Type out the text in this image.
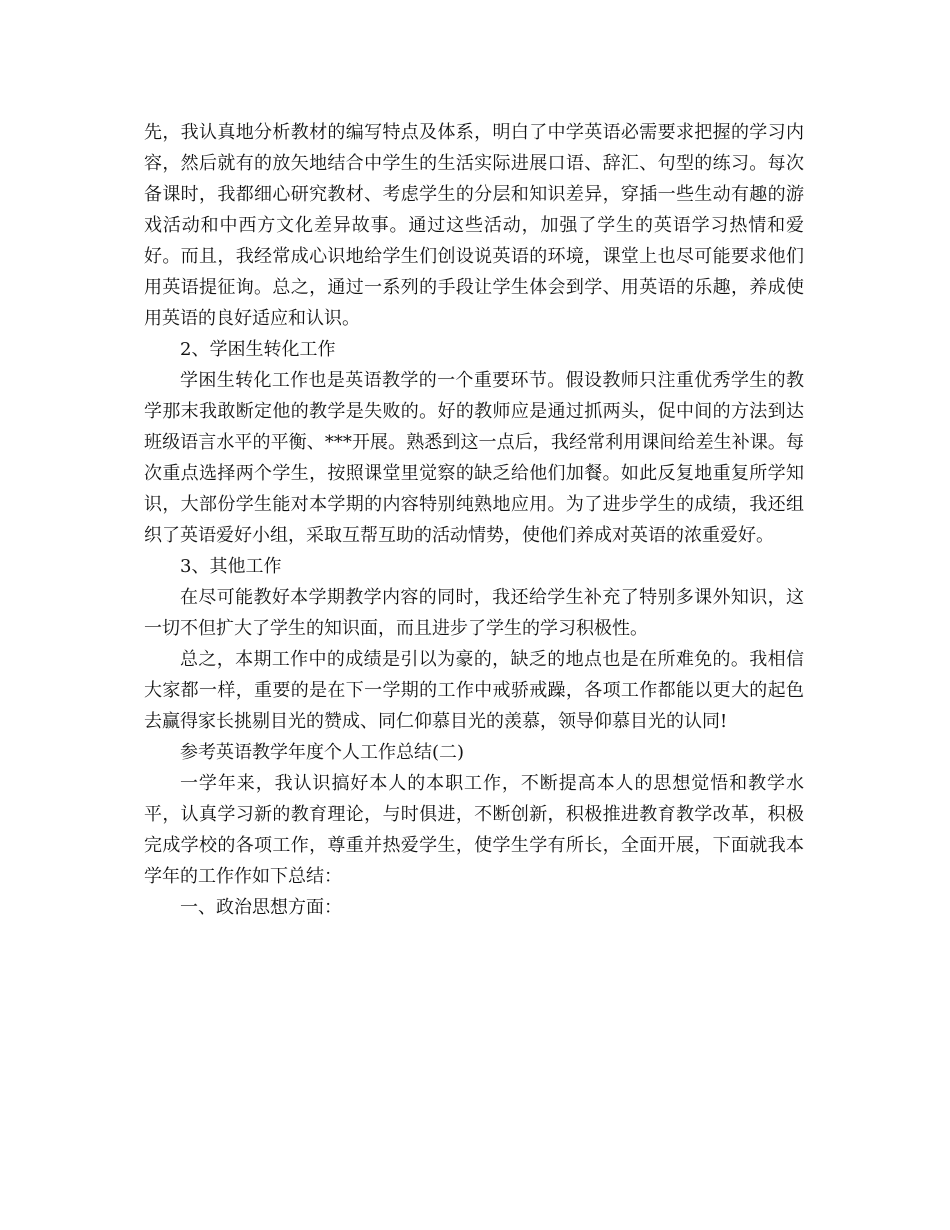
先，我认真地分析教材的编写特点及体系，明白了中学英语必需要求把握的学习内容，然后就有的放矢地结合中学生的生活实际进展口语、辞汇、句型的练习。每次备课时，我都细心研究教材、考虑学生的分层和知识差异，穿插一些生动有趣的游戏活动和中西方文化差异故事。通过这些活动，加强了学生的英语学习热情和爱好。而且，我经常成心识地给学生们创设说英语的环境，课堂上也尽可能要求他们用英语提征询。总之，通过一系列的手段让学生体会到学、用英语的乐趣，养成使用英语的良好适应和认识。

2、学困生转化工作

学困生转化工作也是英语教学的一个重要环节。假设教师只注重优秀学生的教学那末我敢断定他的教学是失败的。好的教师应是通过抓两头，促中间的方法到达班级语言水平的平衡、***开展。熟悉到这一点后，我经常利用课间给差生补课。每次重点选择两个学生，按照课堂里觉察的缺乏给他们加餐。如此反复地重复所学知识，大部份学生能对本学期的内容特别纯熟地应用。为了进步学生的成绩，我还组织了英语爱好小组，采取互帮互助的活动情势，使他们养成对英语的浓重爱好。

3、其他工作

在尽可能教好本学期教学内容的同时，我还给学生补充了特别多课外知识，这一切不但扩大了学生的知识面，而且进步了学生的学习积极性。

总之，本期工作中的成绩是引以为豪的，缺乏的地点也是在所难免的。我相信大家都一样，重要的是在下一学期的工作中戒骄戒躁，各项工作都能以更大的起色去赢得家长挑剔目光的赞成、同仁仰慕目光的羡慕，领导仰慕目光的认同!

参考英语教学年度个人工作总结(二)

一学年来，我认识搞好本人的本职工作，不断提高本人的思想觉悟和教学水平，认真学习新的教育理论，与时俱进，不断创新，积极推进教育教学改革，积极完成学校的各项工作，尊重并热爱学生，使学生学有所长，全面开展，下面就我本学年的工作作如下总结：

一、政治思想方面：
